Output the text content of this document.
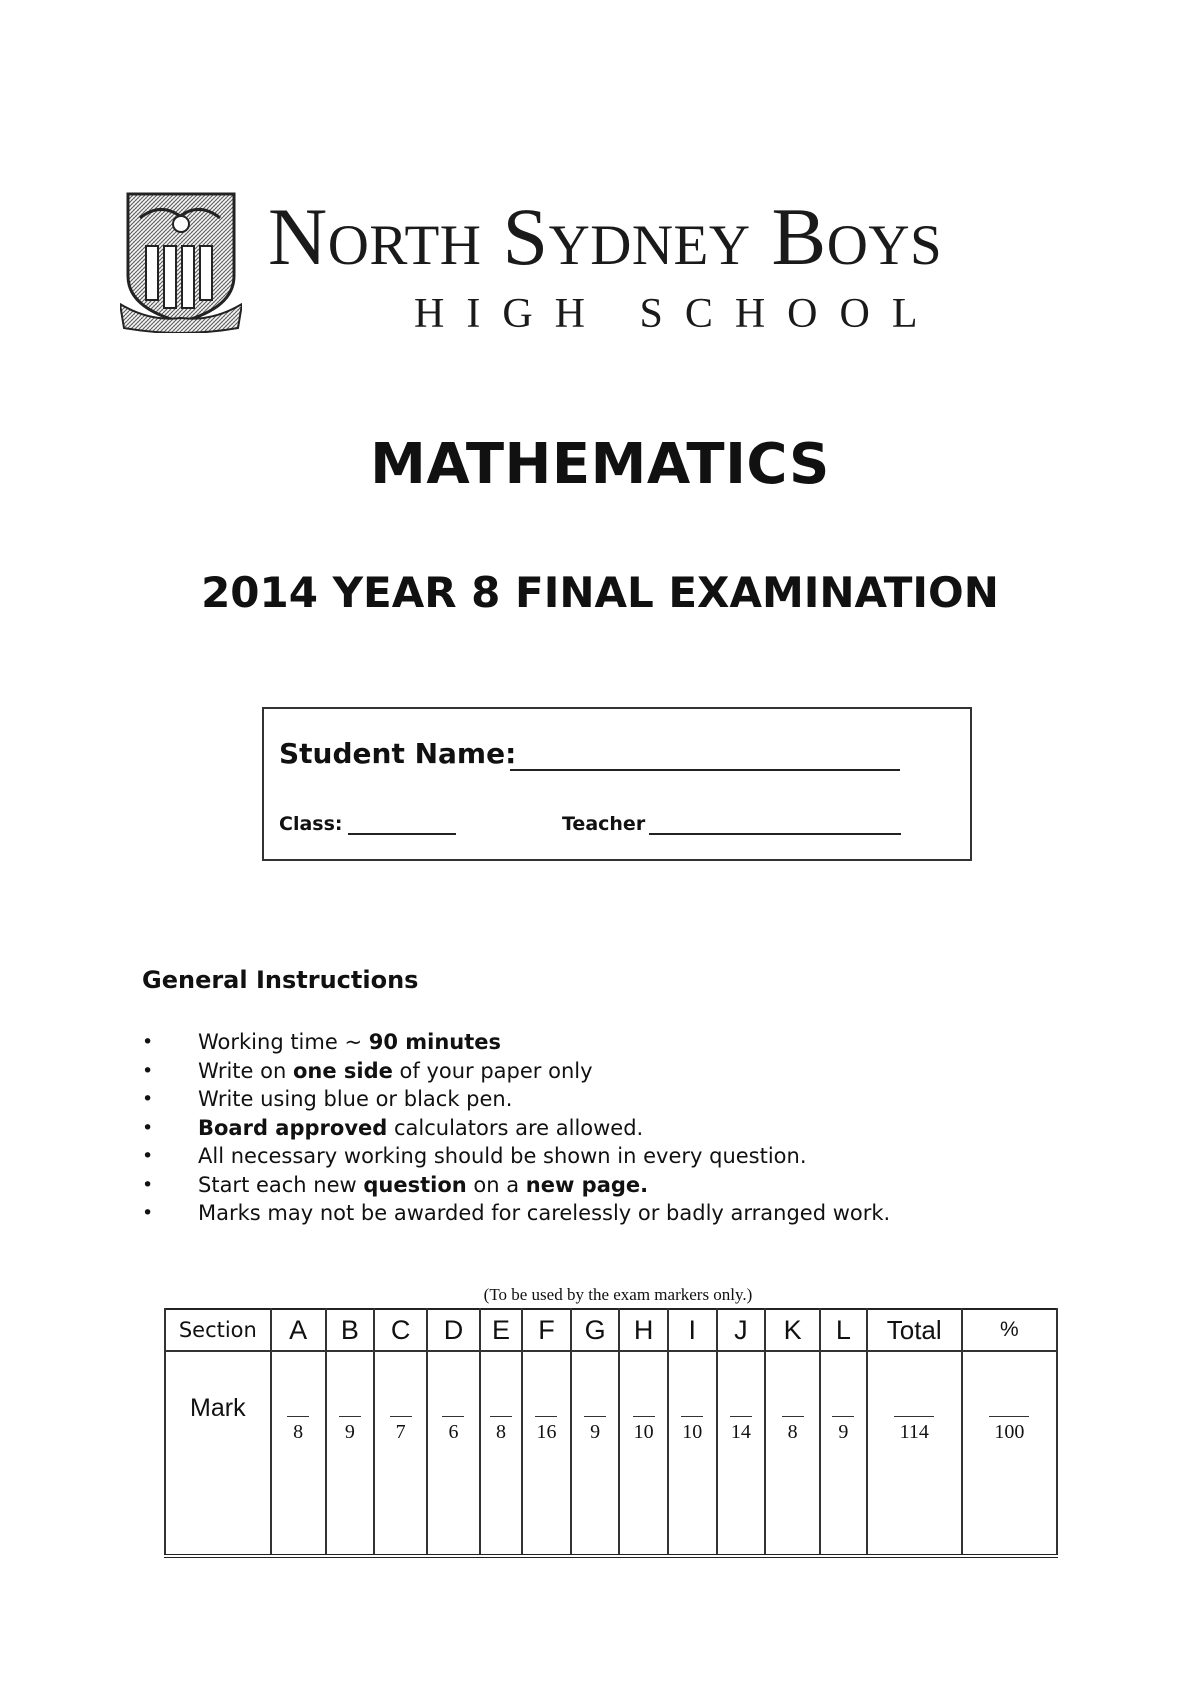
North Sydney Boys
HIGH SCHOOL
MATHEMATICS
2014 YEAR 8 FINAL EXAMINATION
Student Name:
Class:	Teacher
General Instructions
• Working time ~ 90 minutes
• Write on one side of your paper only
• Write using blue or black pen.
• Board approved calculators are allowed.
• All necessary working should be shown in every question.
• Start each new question on a new page.
• Marks may not be awarded for carelessly or badly arranged work.
(To be used by the exam markers only.)
Section	A	B	C	D	E	F	G	H	I	J	K	L	Total	%
Mark	8	9	7	6	8	16	9	10	10	14	8	9	114	100
